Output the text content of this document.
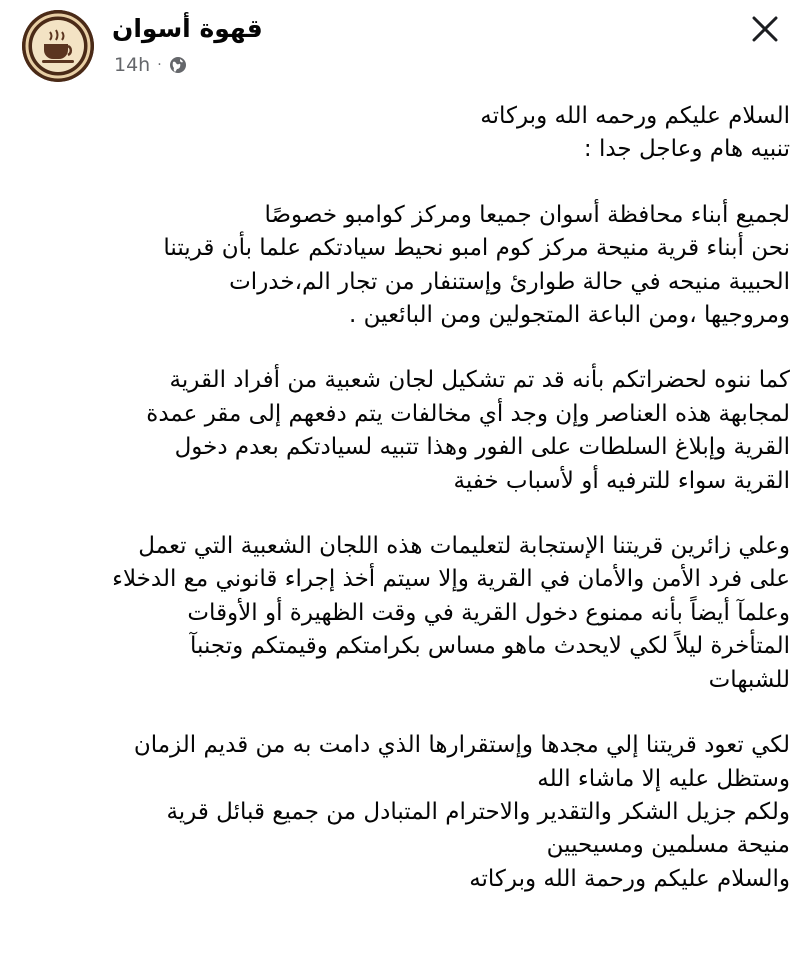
قهوة أسوان
14h ·

السلام عليكم ورحمه الله وبركاته
تنبيه هام وعاجل جدا :

لجميع أبناء محافظة أسوان جميعا ومركز كوامبو خصوصًا
نحن أبناء قرية منيحة مركز كوم امبو نحيط سيادتكم علما بأن قريتنا
الحبيبة منيحه في حالة طوارئ وإستنفار من تجار الم،خدرات
ومروجيها ،ومن الباعة المتجولين ومن البائعين .

كما ننوه لحضراتكم بأنه قد تم تشكيل لجان شعبية من أفراد القرية
لمجابهة هذه العناصر وإن وجد أي مخالفات يتم دفعهم إلى مقر عمدة
القرية وإبلاغ السلطات على الفور وهذا تتبيه لسيادتكم بعدم دخول
القرية سواء للترفيه أو لأسباب خفية

وعلي زائرين قريتنا الإستجابة لتعليمات هذه اللجان الشعبية التي تعمل
على فرد الأمن والأمان في القرية وإلا سيتم أخذ إجراء قانوني مع الدخلاء
وعلمآ أيضاً بأنه ممنوع دخول القرية في وقت الظهيرة أو الأوقات
المتأخرة ليلاً لكي لايحدث ماهو مساس بكرامتكم وقيمتكم وتجنبآ
للشبهات

لكي تعود قريتنا إلي مجدها وإستقرارها الذي دامت به من قديم الزمان
وستظل عليه إلا ماشاء الله
ولكم جزيل الشكر والتقدير والاحترام المتبادل من جميع قبائل قرية
منيحة مسلمين ومسيحيين
والسلام عليكم ورحمة الله وبركاته
